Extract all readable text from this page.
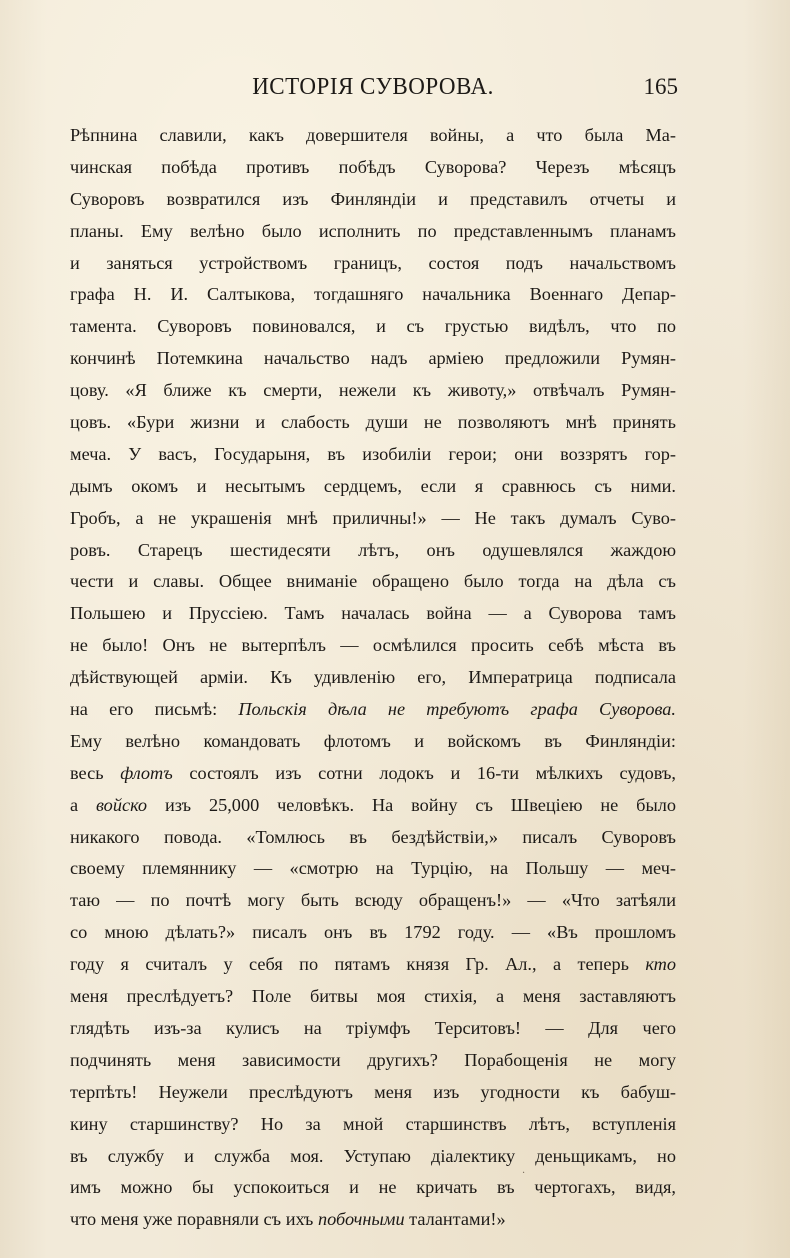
ИСТОРІЯ СУВОРОВА.	165
Рѣпнина славили, какъ довершителя войны, а что была Ма-
чинская побѣда противъ побѣдъ Суворова? Черезъ мѣсяцъ
Суворовъ возвратился изъ Финляндіи и представилъ отчеты и
планы. Ему велѣно было исполнить по представленнымъ планамъ
и заняться устройствомъ границъ, состоя подъ начальствомъ
графа Н. И. Салтыкова, тогдашняго начальника Военнаго Депар-
тамента. Суворовъ повиновался, и съ грустью видѣлъ, что по
кончинѣ Потемкина начальство надъ арміею предложили Румян-
цову. «Я ближе къ смерти, нежели къ животу,» отвѣчалъ Румян-
цовъ. «Бури жизни и слабость души не позволяютъ мнѣ принять
меча. У васъ, Государыня, въ изобиліи герои; они воззрятъ гор-
дымъ окомъ и несытымъ сердцемъ, если я сравнюсь съ ними.
Гробъ, а не украшенія мнѣ приличны!» — Не такъ думалъ Суво-
ровъ. Старецъ шестидесяти лѣтъ, онъ одушевлялся жаждою
чести и славы. Общее вниманіе обращено было тогда на дѣла съ
Польшею и Пруссіею. Тамъ началась война — а Суворова тамъ
не было! Онъ не вытерпѣлъ — осмѣлился просить себѣ мѣста въ
дѣйствующей арміи. Къ удивленію его, Императрица подписала
на его письмѣ: Польскія дѣла не требуютъ графа Суворова.
Ему велѣно командовать флотомъ и войскомъ въ Финляндіи:
весь флотъ состоялъ изъ сотни лодокъ и 16-ти мѣлкихъ судовъ,
а войско изъ 25,000 человѣкъ. На войну съ Швеціею не было
никакого повода. «Томлюсь въ бездѣйствіи,» писалъ Суворовъ
своему племяннику — «смотрю на Турцію, на Польшу — меч-
таю — по почтѣ могу быть всюду обращенъ!» — «Что затѣяли
со мною дѣлать?» писалъ онъ въ 1792 году. — «Въ прошломъ
году я считалъ у себя по пятамъ князя Гр. Ал., а теперь кто
меня преслѣдуетъ? Поле битвы моя стихія, а меня заставляютъ
глядѣть изъ-за кулисъ на тріумфъ Терситовъ! — Для чего
подчинять меня зависимости другихъ? Порабощенія не могу
терпѣть! Неужели преслѣдуютъ меня изъ угодности къ бабуш-
кину старшинству? Но за мной старшинствъ лѣтъ, вступленія
въ службу и служба моя. Уступаю діалектику деньщикамъ, но
имъ можно бы успокоиться и не кричать въ чертогахъ, видя,
что меня уже поравняли съ ихъ побочными талантами!»
·
